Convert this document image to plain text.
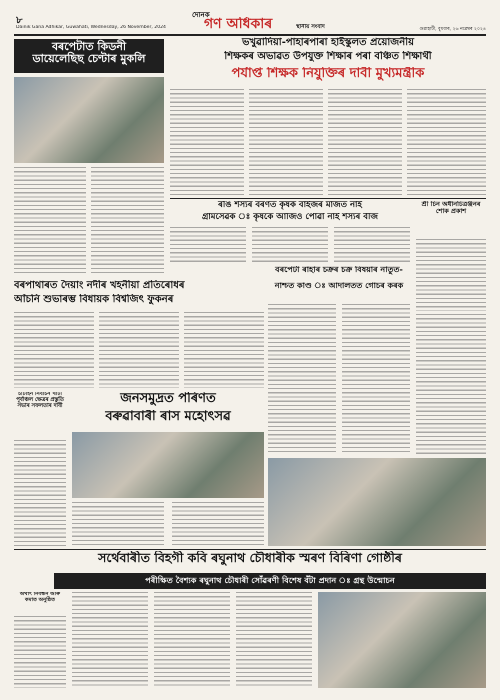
৮	দৈনিক
গণ অধিকাৰ
Dainik Gana Adhikar, Guwahati, Wednesday, 26 November, 2024	স্থানীয় সংবাদ	গুৱাহাটী, বুধবাৰ, ২৬ নৱেম্বৰ ২০২৪
বৰপেটাত কিডনী
ডায়েলেছিছ চেণ্টাৰ মুকলি
ভখুৱাদিয়া-পাহাৰপাৰা হাইস্কুলত প্ৰয়োজনীয়
শিক্ষকৰ অভাৱত উপযুক্ত শিক্ষাৰ পৰা বঞ্চিত শিক্ষাৰ্থী
পৰ্যাপ্ত শিক্ষক নিযুক্তিৰ দাবী মুখ্যমন্ত্ৰীক
ৰঙি শস্যৰ বৰণত কৃষক বাইজৰ মাজত নাই
গ্ৰামসেৱক ঃ কৃষকে আজিও পোৱা নাই শস্যৰ বীজ
শ্ৰী চিন অধীনচিত্ৰঞ্জনৰ শোক প্ৰকাশ
বৰপাথাৰত দৈয়াং নদীৰ খহনীয়া প্ৰতিৰোধৰ
আঁচনি শুভাৰম্ভ বিধায়ক বিশ্বজিৎ ফুকনৰ
বৰপেটা ৰাহাৰ চক্ৰৰ চক্ৰ বিষয়াৰ নাতুত-
নাশ্চত কাণ্ড ঃ আদালতত গোচৰ কৰক
চাৰ্টাইন নিৰ্বাচন খাৰ্টী পূৰ্বাঞ্চল ক্ষেত্ৰৰ প্ৰস্তুতি সভাৰ সফলতাৰ দাবী	জনসমুদ্ৰত পৰিণত
বৰুৱাবাৰী ৰাস মহোৎসৱ
সৰ্থেবাৰীত বিহগী কবি ৰঘুনাথ চৌধাৰীক স্মৰণ বিৰিণা গোষ্ঠীৰ
পৰীক্ষিত বৈশ্যক ৰঘুনাথ চৌধাৰী সোঁৱৰণী বিশেষ বঁটা প্ৰদান ঃ গ্ৰন্থ উন্মোচন
অৰ্থাৎ নিবন্ধন আৰু কমাত অনুষ্ঠিত
